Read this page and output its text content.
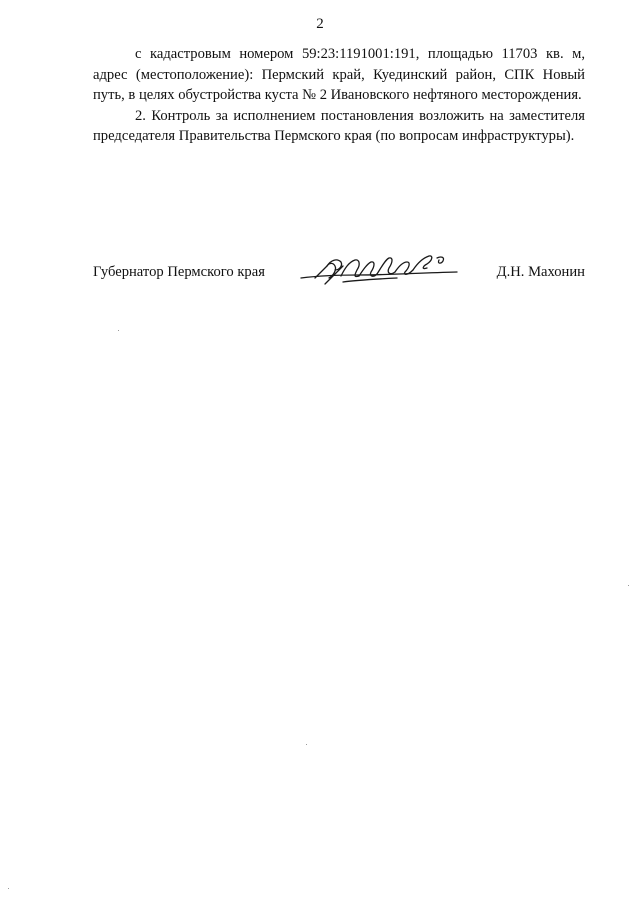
2

с кадастровым номером 59:23:1191001:191, площадью 11703 кв. м, адрес (местоположение): Пермский край, Куединский район, СПК Новый путь, в целях обустройства куста № 2 Ивановского нефтяного месторождения.

2. Контроль за исполнением постановления возложить на заместителя председателя Правительства Пермского края (по вопросам инфраструктуры).

Губернатор Пермского края	Д.Н. Махонин
